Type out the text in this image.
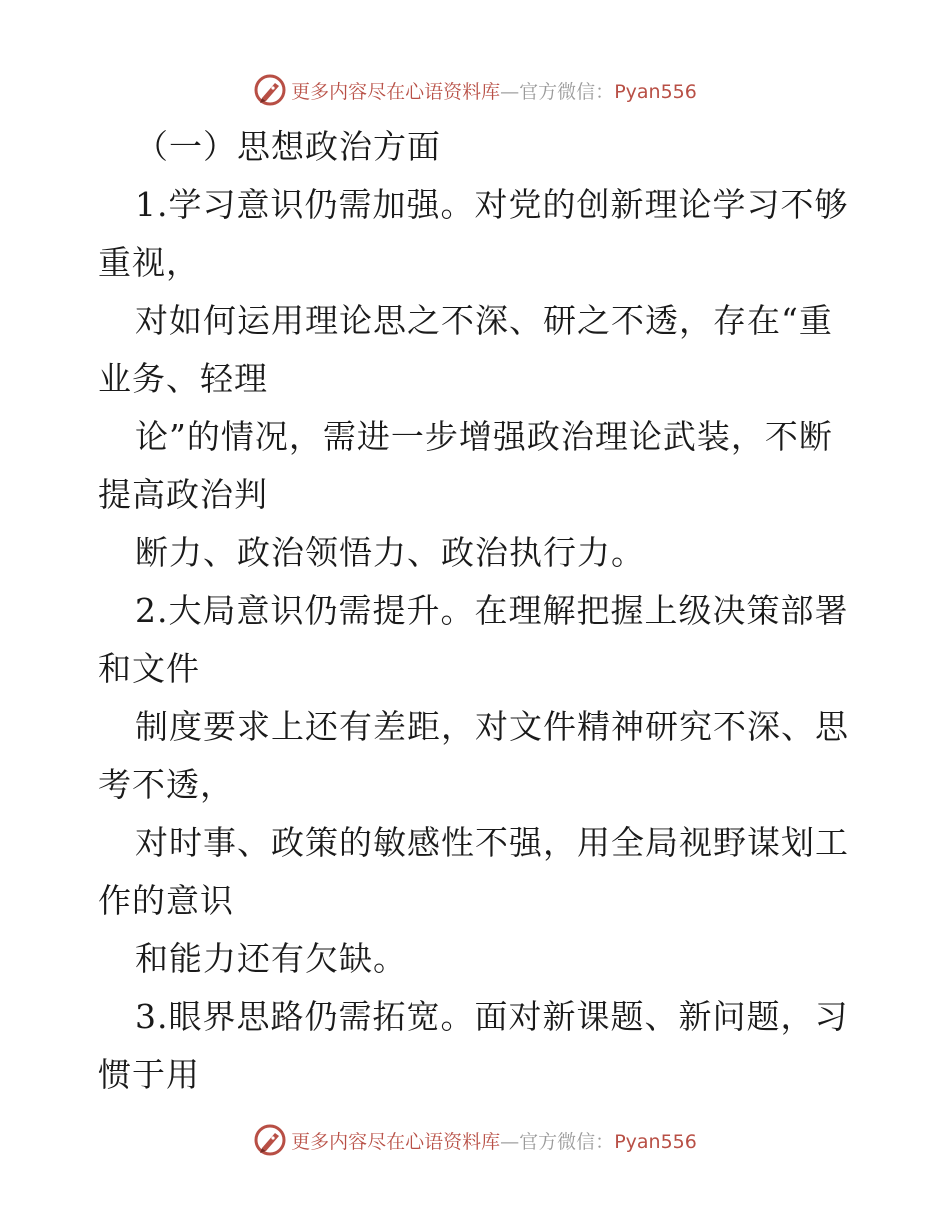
更多内容尽在心语资料库—官方微信：Pyan556
（一）思想政治方面
1.学习意识仍需加强。对党的创新理论学习不够
重视，
对如何运用理论思之不深、研之不透，存在“重
业务、轻理
论”的情况，需进一步增强政治理论武装，不断
提高政治判
断力、政治领悟力、政治执行力。
2.大局意识仍需提升。在理解把握上级决策部署
和文件
制度要求上还有差距，对文件精神研究不深、思
考不透，
对时事、政策的敏感性不强，用全局视野谋划工
作的意识
和能力还有欠缺。
3.眼界思路仍需拓宽。面对新课题、新问题，习
惯于用
更多内容尽在心语资料库—官方微信：Pyan556
